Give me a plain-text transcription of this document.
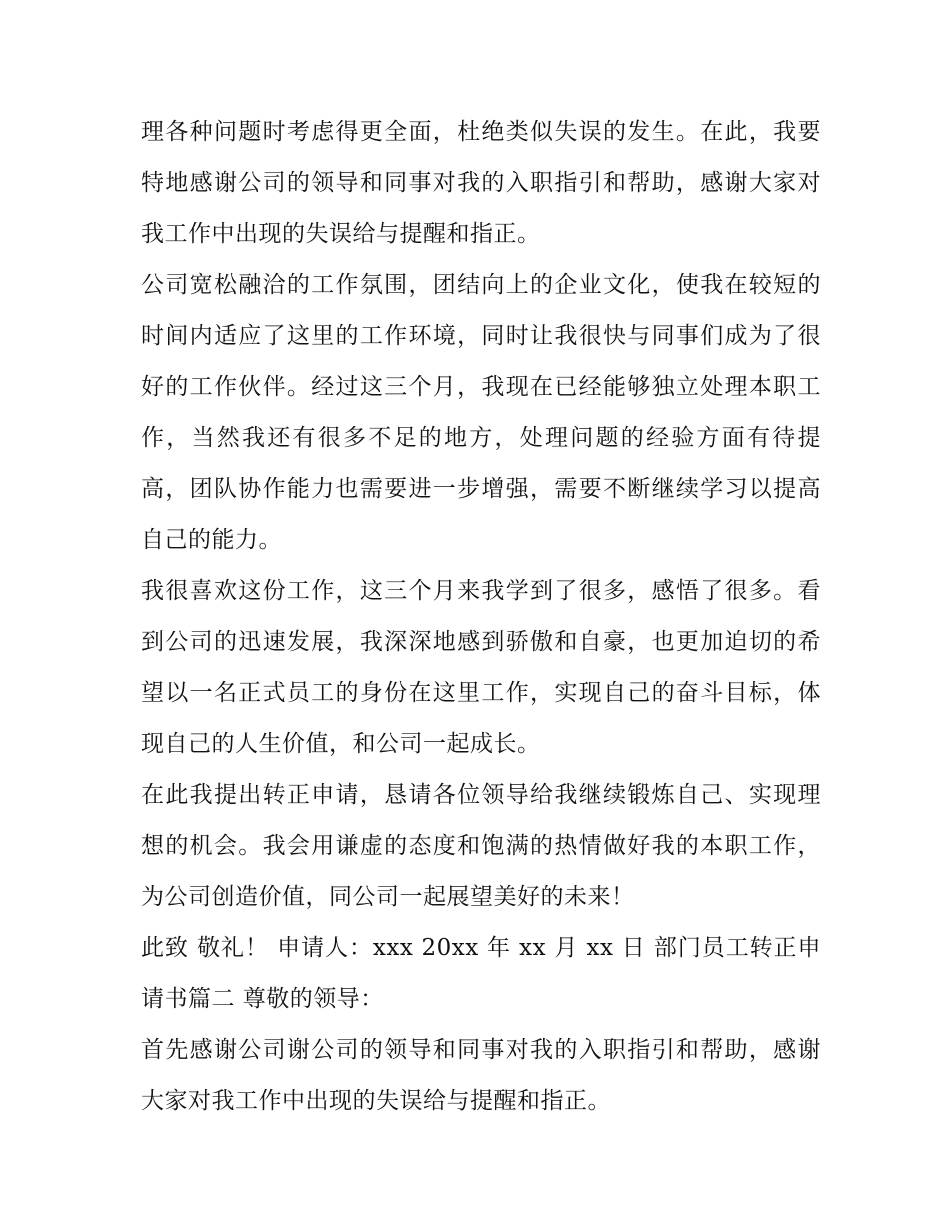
理各种问题时考虑得更全面，杜绝类似失误的发生。在此，我要特地感谢公司的领导和同事对我的入职指引和帮助，感谢大家对我工作中出现的失误给与提醒和指正。

公司宽松融洽的工作氛围，团结向上的企业文化，使我在较短的时间内适应了这里的工作环境，同时让我很快与同事们成为了很好的工作伙伴。经过这三个月，我现在已经能够独立处理本职工作，当然我还有很多不足的地方，处理问题的经验方面有待提高，团队协作能力也需要进一步增强，需要不断继续学习以提高自己的能力。

我很喜欢这份工作，这三个月来我学到了很多，感悟了很多。看到公司的迅速发展，我深深地感到骄傲和自豪，也更加迫切的希望以一名正式员工的身份在这里工作，实现自己的奋斗目标，体现自己的人生价值，和公司一起成长。

在此我提出转正申请，恳请各位领导给我继续锻炼自己、实现理想的机会。我会用谦虚的态度和饱满的热情做好我的本职工作，为公司创造价值，同公司一起展望美好的未来！

此致 敬礼！ 申请人：xxx 20xx 年 xx 月 xx 日 部门员工转正申请书篇二 尊敬的领导：

首先感谢公司谢公司的领导和同事对我的入职指引和帮助，感谢大家对我工作中出现的失误给与提醒和指正。
